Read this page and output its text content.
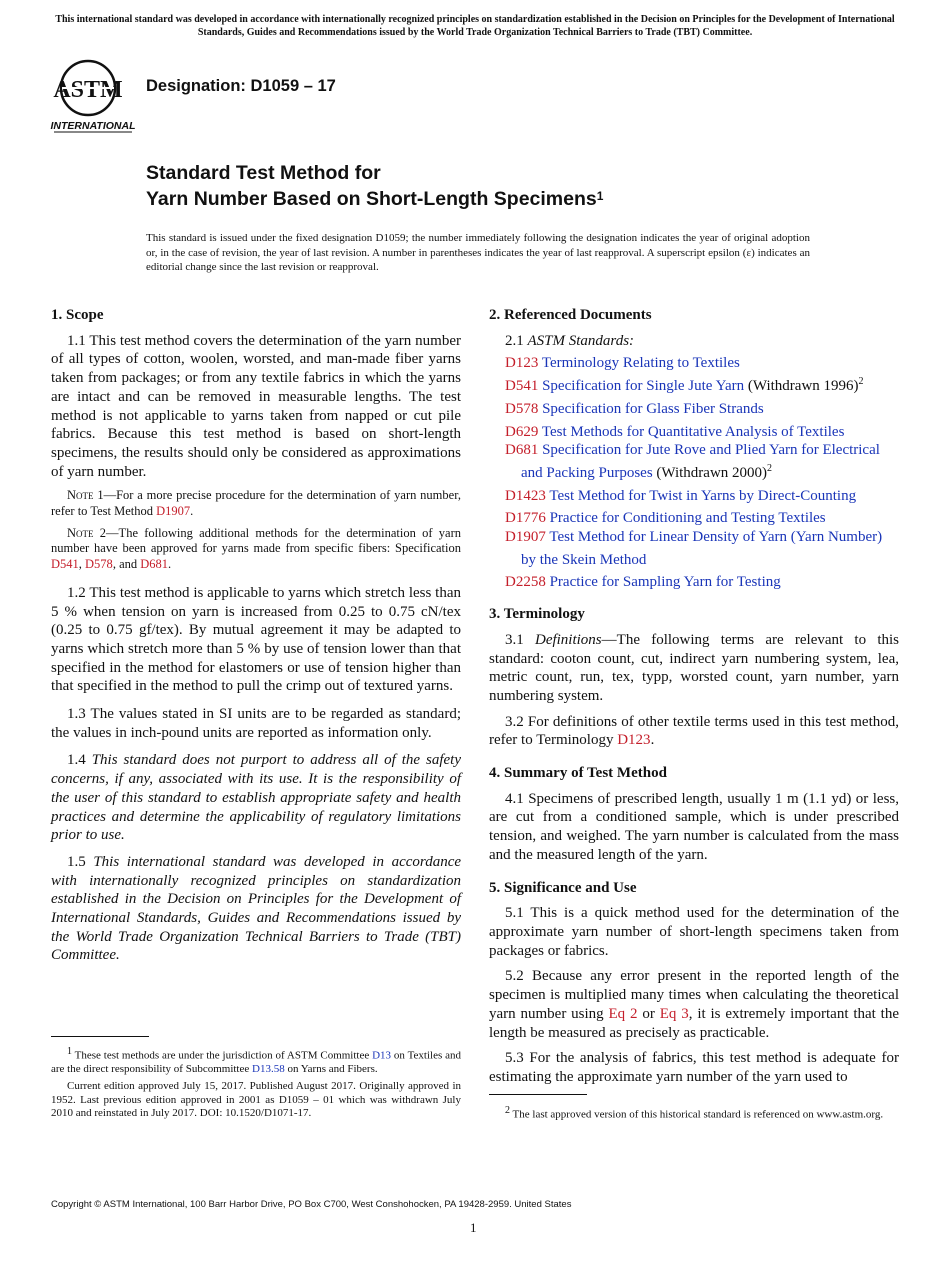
This international standard was developed in accordance with internationally recognized principles on standardization established in the Decision on Principles for the Development of International Standards, Guides and Recommendations issued by the World Trade Organization Technical Barriers to Trade (TBT) Committee.
ASTM
INTERNATIONAL
Designation: D1059 – 17
Standard Test Method for
Yarn Number Based on Short-Length Specimens$^1$
This standard is issued under the fixed designation D1059; the number immediately following the designation indicates the year of original adoption or, in the case of revision, the year of last revision. A number in parentheses indicates the year of last reapproval. A superscript epsilon (ε) indicates an editorial change since the last revision or reapproval.

1. Scope

1.1 This test method covers the determination of the yarn number of all types of cotton, woolen, worsted, and man-made fiber yarns taken from packages; or from any textile fabrics in which the yarns are intact and can be removed in measurable lengths. The test method is not applicable to yarns taken from napped or cut pile fabrics. Because this test method is based on short-length specimens, the results should only be considered as approximations of yarn number.

Note 1—For a more precise procedure for the determination of yarn number, refer to Test Method D1907.

Note 2—The following additional methods for the determination of yarn number have been approved for yarns made from specific fibers: Specification D541, D578, and D681.

1.2 This test method is applicable to yarns which stretch less than 5 % when tension on yarn is increased from 0.25 to 0.75 cN/tex (0.25 to 0.75 gf/tex). By mutual agreement it may be adapted to yarns which stretch more than 5 % by use of tension lower than that specified in the method for elastomers or use of tension higher than that specified in the method to pull the crimp out of textured yarns.

1.3 The values stated in SI units are to be regarded as standard; the values in inch-pound units are reported as information only.

1.4 This standard does not purport to address all of the safety concerns, if any, associated with its use. It is the responsibility of the user of this standard to establish appropriate safety and health practices and determine the applicability of regulatory limitations prior to use.

1.5 This international standard was developed in accordance with internationally recognized principles on standardization established in the Decision on Principles for the Development of International Standards, Guides and Recommendations issued by the World Trade Organization Technical Barriers to Trade (TBT) Committee.

$^1$ These test methods are under the jurisdiction of ASTM Committee D13 on Textiles and are the direct responsibility of Subcommittee D13.58 on Yarns and Fibers.

Current edition approved July 15, 2017. Published August 2017. Originally approved in 1952. Last previous edition approved in 2001 as D1059 – 01 which was withdrawn July 2010 and reinstated in July 2017. DOI: 10.1520/D1071-17.

2. Referenced Documents

2.1 ASTM Standards:

D123 Terminology Relating to Textiles

D541 Specification for Single Jute Yarn (Withdrawn 1996)$^2$

D578 Specification for Glass Fiber Strands

D629 Test Methods for Quantitative Analysis of Textiles

D681 Specification for Jute Rove and Plied Yarn for Electrical and Packing Purposes (Withdrawn 2000)$^2$

D1423 Test Method for Twist in Yarns by Direct-Counting

D1776 Practice for Conditioning and Testing Textiles

D1907 Test Method for Linear Density of Yarn (Yarn Number) by the Skein Method

D2258 Practice for Sampling Yarn for Testing

3. Terminology

3.1 Definitions—The following terms are relevant to this standard: cooton count, cut, indirect yarn numbering system, lea, metric count, run, tex, typp, worsted count, yarn number, yarn numbering system.

3.2 For definitions of other textile terms used in this test method, refer to Terminology D123.

4. Summary of Test Method

4.1 Specimens of prescribed length, usually 1 m (1.1 yd) or less, are cut from a conditioned sample, which is under prescribed tension, and weighed. The yarn number is calculated from the mass and the measured length of the yarn.

5. Significance and Use

5.1 This is a quick method used for the determination of the approximate yarn number of short-length specimens taken from packages or fabrics.

5.2 Because any error present in the reported length of the specimen is multiplied many times when calculating the theoretical yarn number using Eq 2 or Eq 3, it is extremely important that the length be measured as precisely as practicable.

5.3 For the analysis of fabrics, this test method is adequate for estimating the approximate yarn number of the yarn used to

$^2$ The last approved version of this historical standard is referenced on www.astm.org.

Copyright © ASTM International, 100 Barr Harbor Drive, PO Box C700, West Conshohocken, PA 19428-2959. United States
1
